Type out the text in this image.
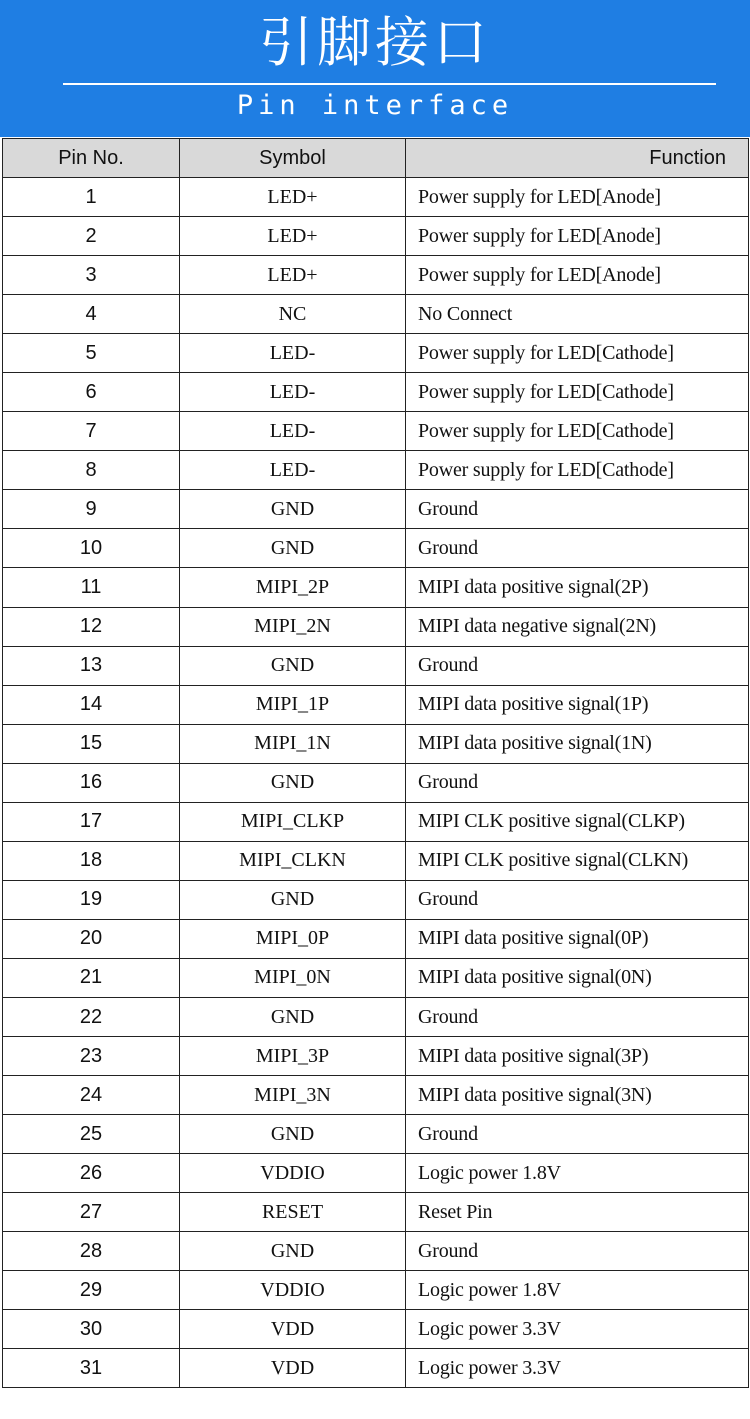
引脚接口
Pin interface
Pin No.	Symbol	Function
1	LED+	Power supply for LED[Anode]
2	LED+	Power supply for LED[Anode]
3	LED+	Power supply for LED[Anode]
4	NC	No Connect
5	LED-	Power supply for LED[Cathode]
6	LED-	Power supply for LED[Cathode]
7	LED-	Power supply for LED[Cathode]
8	LED-	Power supply for LED[Cathode]
9	GND	Ground
10	GND	Ground
11	MIPI_2P	MIPI data positive signal(2P)
12	MIPI_2N	MIPI data negative signal(2N)
13	GND	Ground
14	MIPI_1P	MIPI data positive signal(1P)
15	MIPI_1N	MIPI data positive signal(1N)
16	GND	Ground
17	MIPI_CLKP	MIPI CLK positive signal(CLKP)
18	MIPI_CLKN	MIPI CLK positive signal(CLKN)
19	GND	Ground
20	MIPI_0P	MIPI data positive signal(0P)
21	MIPI_0N	MIPI data positive signal(0N)
22	GND	Ground
23	MIPI_3P	MIPI data positive signal(3P)
24	MIPI_3N	MIPI data positive signal(3N)
25	GND	Ground
26	VDDIO	Logic power 1.8V
27	RESET	Reset Pin
28	GND	Ground
29	VDDIO	Logic power 1.8V
30	VDD	Logic power 3.3V
31	VDD	Logic power 3.3V
